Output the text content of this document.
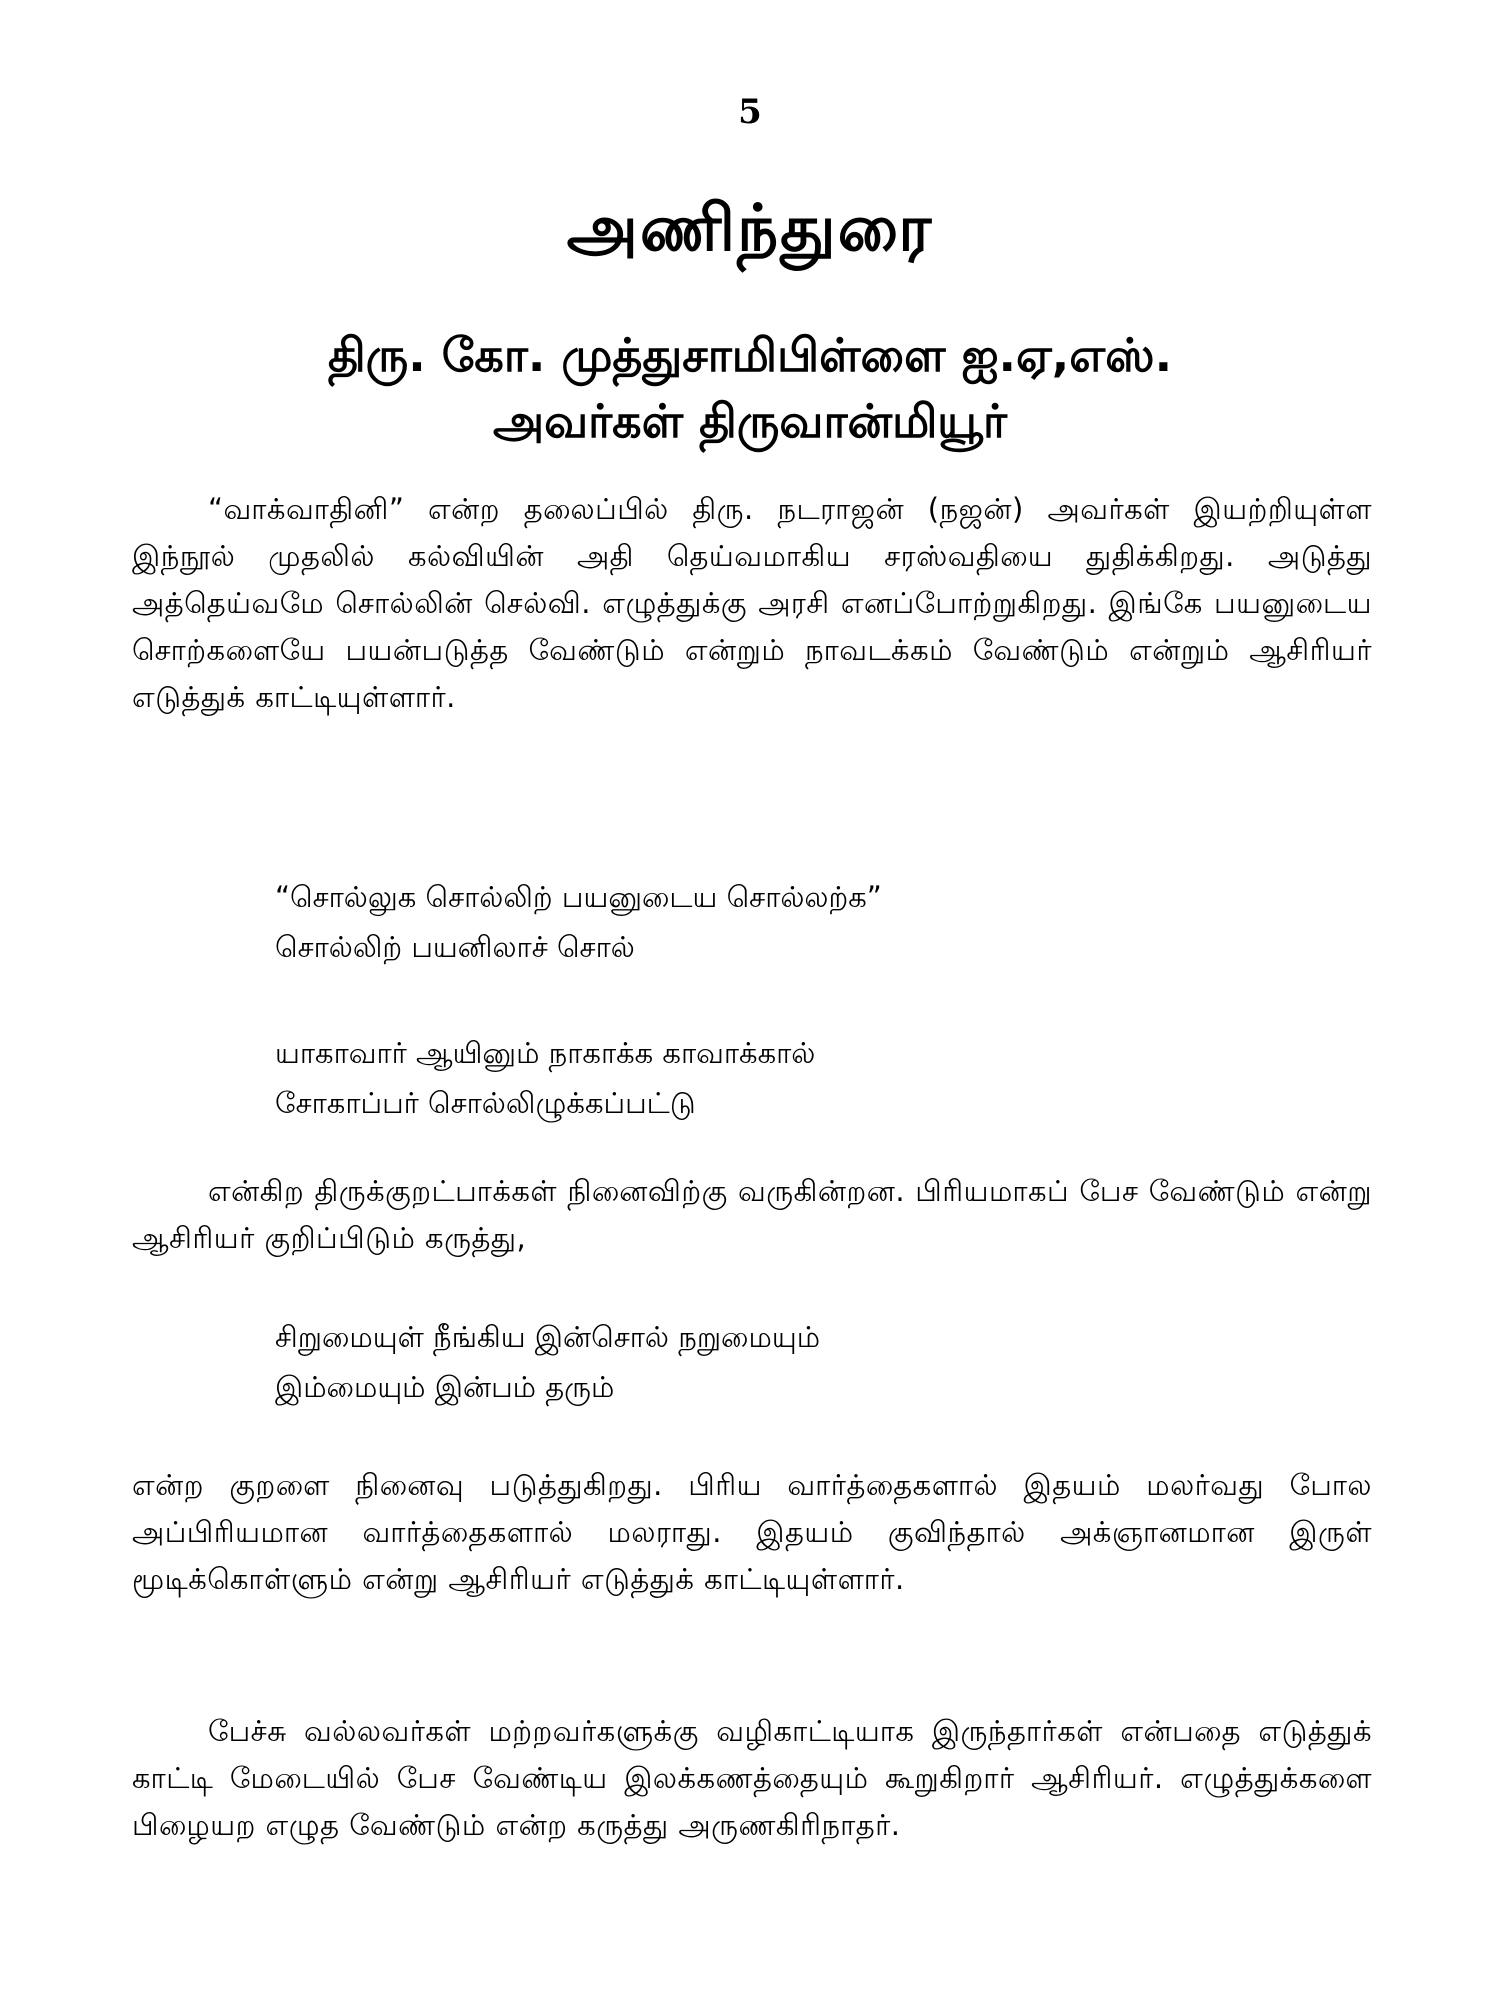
5
அணிந்துரை
திரு. கோ. முத்துசாமிபிள்ளை ஐ.ஏ,எஸ்.
அவர்கள் திருவான்மியூர்

“வாக்வாதினி” என்ற தலைப்பில் திரு. நடராஜன் (நஜன்) அவர்கள் இயற்றியுள்ள இந்நூல் முதலில் கல்வியின் அதி தெய்வமாகிய சரஸ்வதியை துதிக்கிறது. அடுத்து அத்தெய்வமே சொல்லின் செல்வி. எழுத்துக்கு அரசி எனப்போற்றுகிறது. இங்கே பயனுடைய சொற்களையே பயன்படுத்த வேண்டும் என்றும் நாவடக்கம் வேண்டும் என்றும் ஆசிரியர் எடுத்துக் காட்டியுள்ளார்.

“சொல்லுக சொல்லிற் பயனுடைய சொல்லற்க”
சொல்லிற் பயனிலாச் சொல்
யாகாவார் ஆயினும் நாகாக்க காவாக்கால்
சோகாப்பர் சொல்லிழுக்கப்பட்டு

என்கிற திருக்குறட்பாக்கள் நினைவிற்கு வருகின்றன. பிரியமாகப் பேச வேண்டும் என்று ஆசிரியர் குறிப்பிடும் கருத்து,

சிறுமையுள் நீங்கிய இன்சொல் நறுமையும்
இம்மையும் இன்பம் தரும்

என்ற குறளை நினைவு படுத்துகிறது. பிரிய வார்த்தைகளால் இதயம் மலர்வது போல அப்பிரியமான வார்த்தைகளால் மலராது. இதயம் குவிந்தால் அக்ஞானமான இருள் மூடிக்கொள்ளும் என்று ஆசிரியர் எடுத்துக் காட்டியுள்ளார்.

பேச்சு வல்லவர்கள் மற்றவர்களுக்கு வழிகாட்டியாக இருந்தார்கள் என்பதை எடுத்துக் காட்டி மேடையில் பேச வேண்டிய இலக்கணத்தையும் கூறுகிறார் ஆசிரியர். எழுத்துக்களை பிழையற எழுத வேண்டும் என்ற கருத்து அருணகிரிநாதர்.
